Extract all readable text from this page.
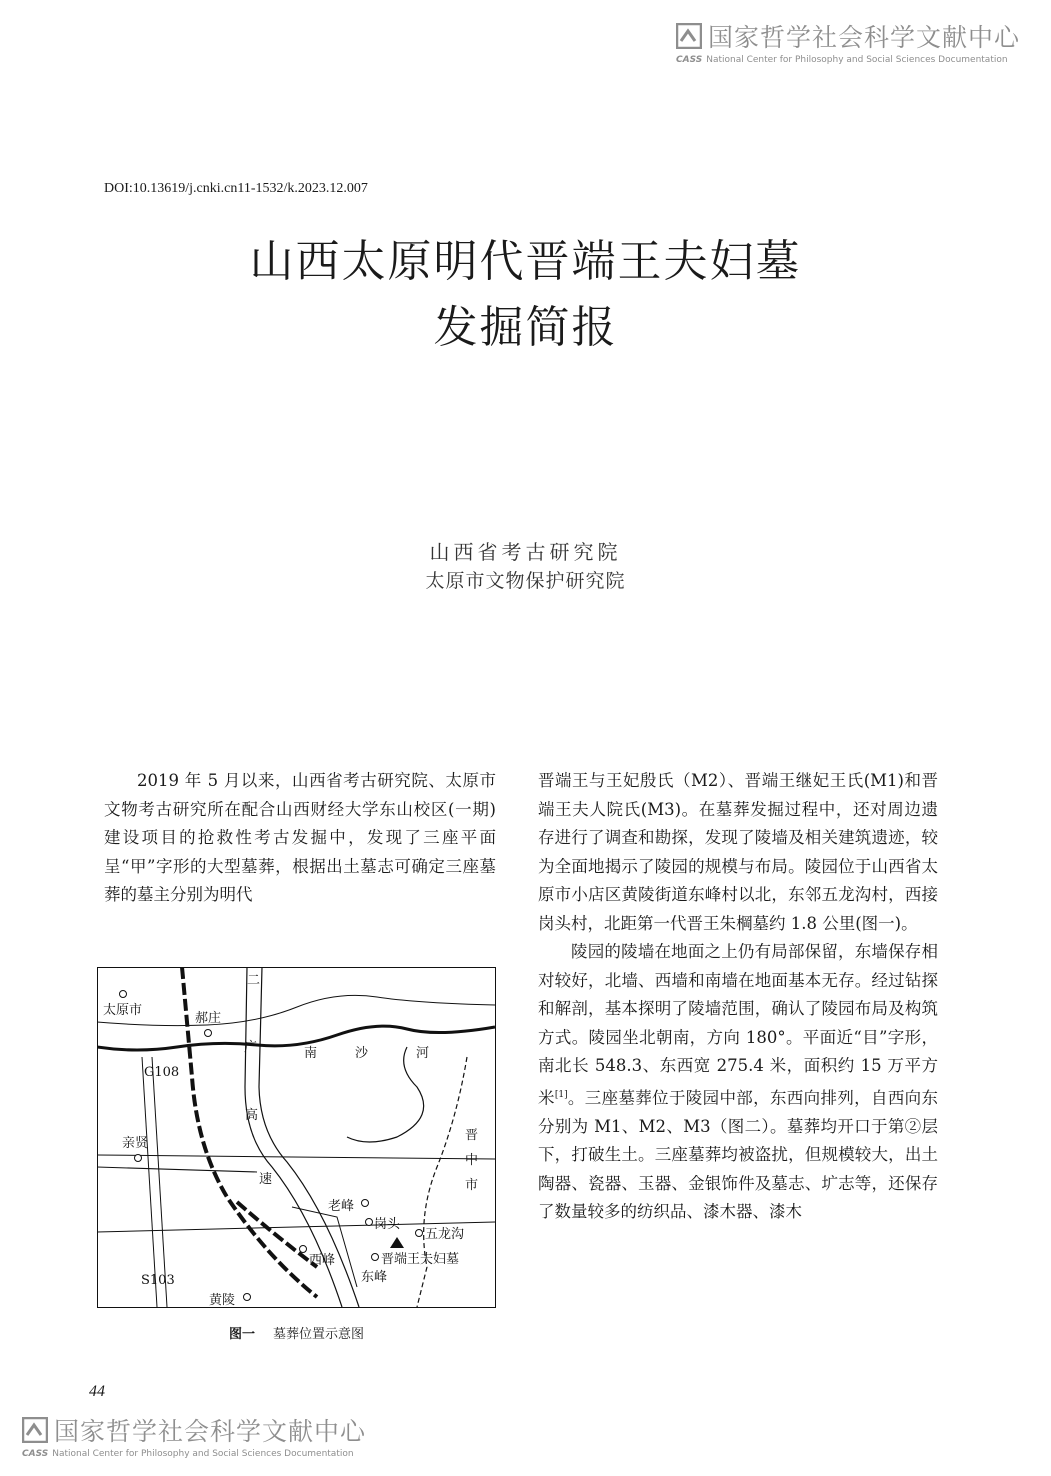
国家哲学社会科学文献中心
CASS National Center for Philosophy and Social Sciences Documentation
DOI:10.13619/j.cnki.cn11-1532/k.2023.12.007
山西太原明代晋端王夫妇墓
发掘简报
山西省考古研究院
太原市文物保护研究院

2019 年 5 月以来，山西省考古研究院、太原市文物考古研究所在配合山西财经大学东山校区(一期)建设项目的抢救性考古发掘中，发现了三座平面呈“甲”字形的大型墓葬，根据出土墓志可确定三座墓葬的墓主分别为明代

太原市
郝庄
G108
二
广
高
速
南	沙	河
晋
中
市
亲贤
老峰
岗头
五龙沟
西峰	晋端王夫妇墓
东峰
S103
黄陵
图一 墓葬位置示意图

晋端王与王妃殷氏（M2）、晋端王继妃王氏(M1)和晋端王夫人院氏(M3)。在墓葬发掘过程中，还对周边遗存进行了调查和勘探，发现了陵墙及相关建筑遗迹，较为全面地揭示了陵园的规模与布局。陵园位于山西省太原市小店区黄陵街道东峰村以北，东邻五龙沟村，西接岗头村，北距第一代晋王朱棡墓约 1.8 公里(图一)。

陵园的陵墙在地面之上仍有局部保留，东墙保存相对较好，北墙、西墙和南墙在地面基本无存。经过钻探和解剖，基本探明了陵墙范围，确认了陵园布局及构筑方式。陵园坐北朝南，方向 180°。平面近“目”字形，南北长 548.3、东西宽 275.4 米，面积约 15 万平方米[1]。三座墓葬位于陵园中部，东西向排列，自西向东分别为 M1、M2、M3（图二）。墓葬均开口于第②层下，打破生土。三座墓葬均被盗扰，但规模较大，出土陶器、瓷器、玉器、金银饰件及墓志、圹志等，还保存了数量较多的纺织品、漆木器、漆木

44
国家哲学社会科学文献中心
CASS National Center for Philosophy and Social Sciences Documentation
